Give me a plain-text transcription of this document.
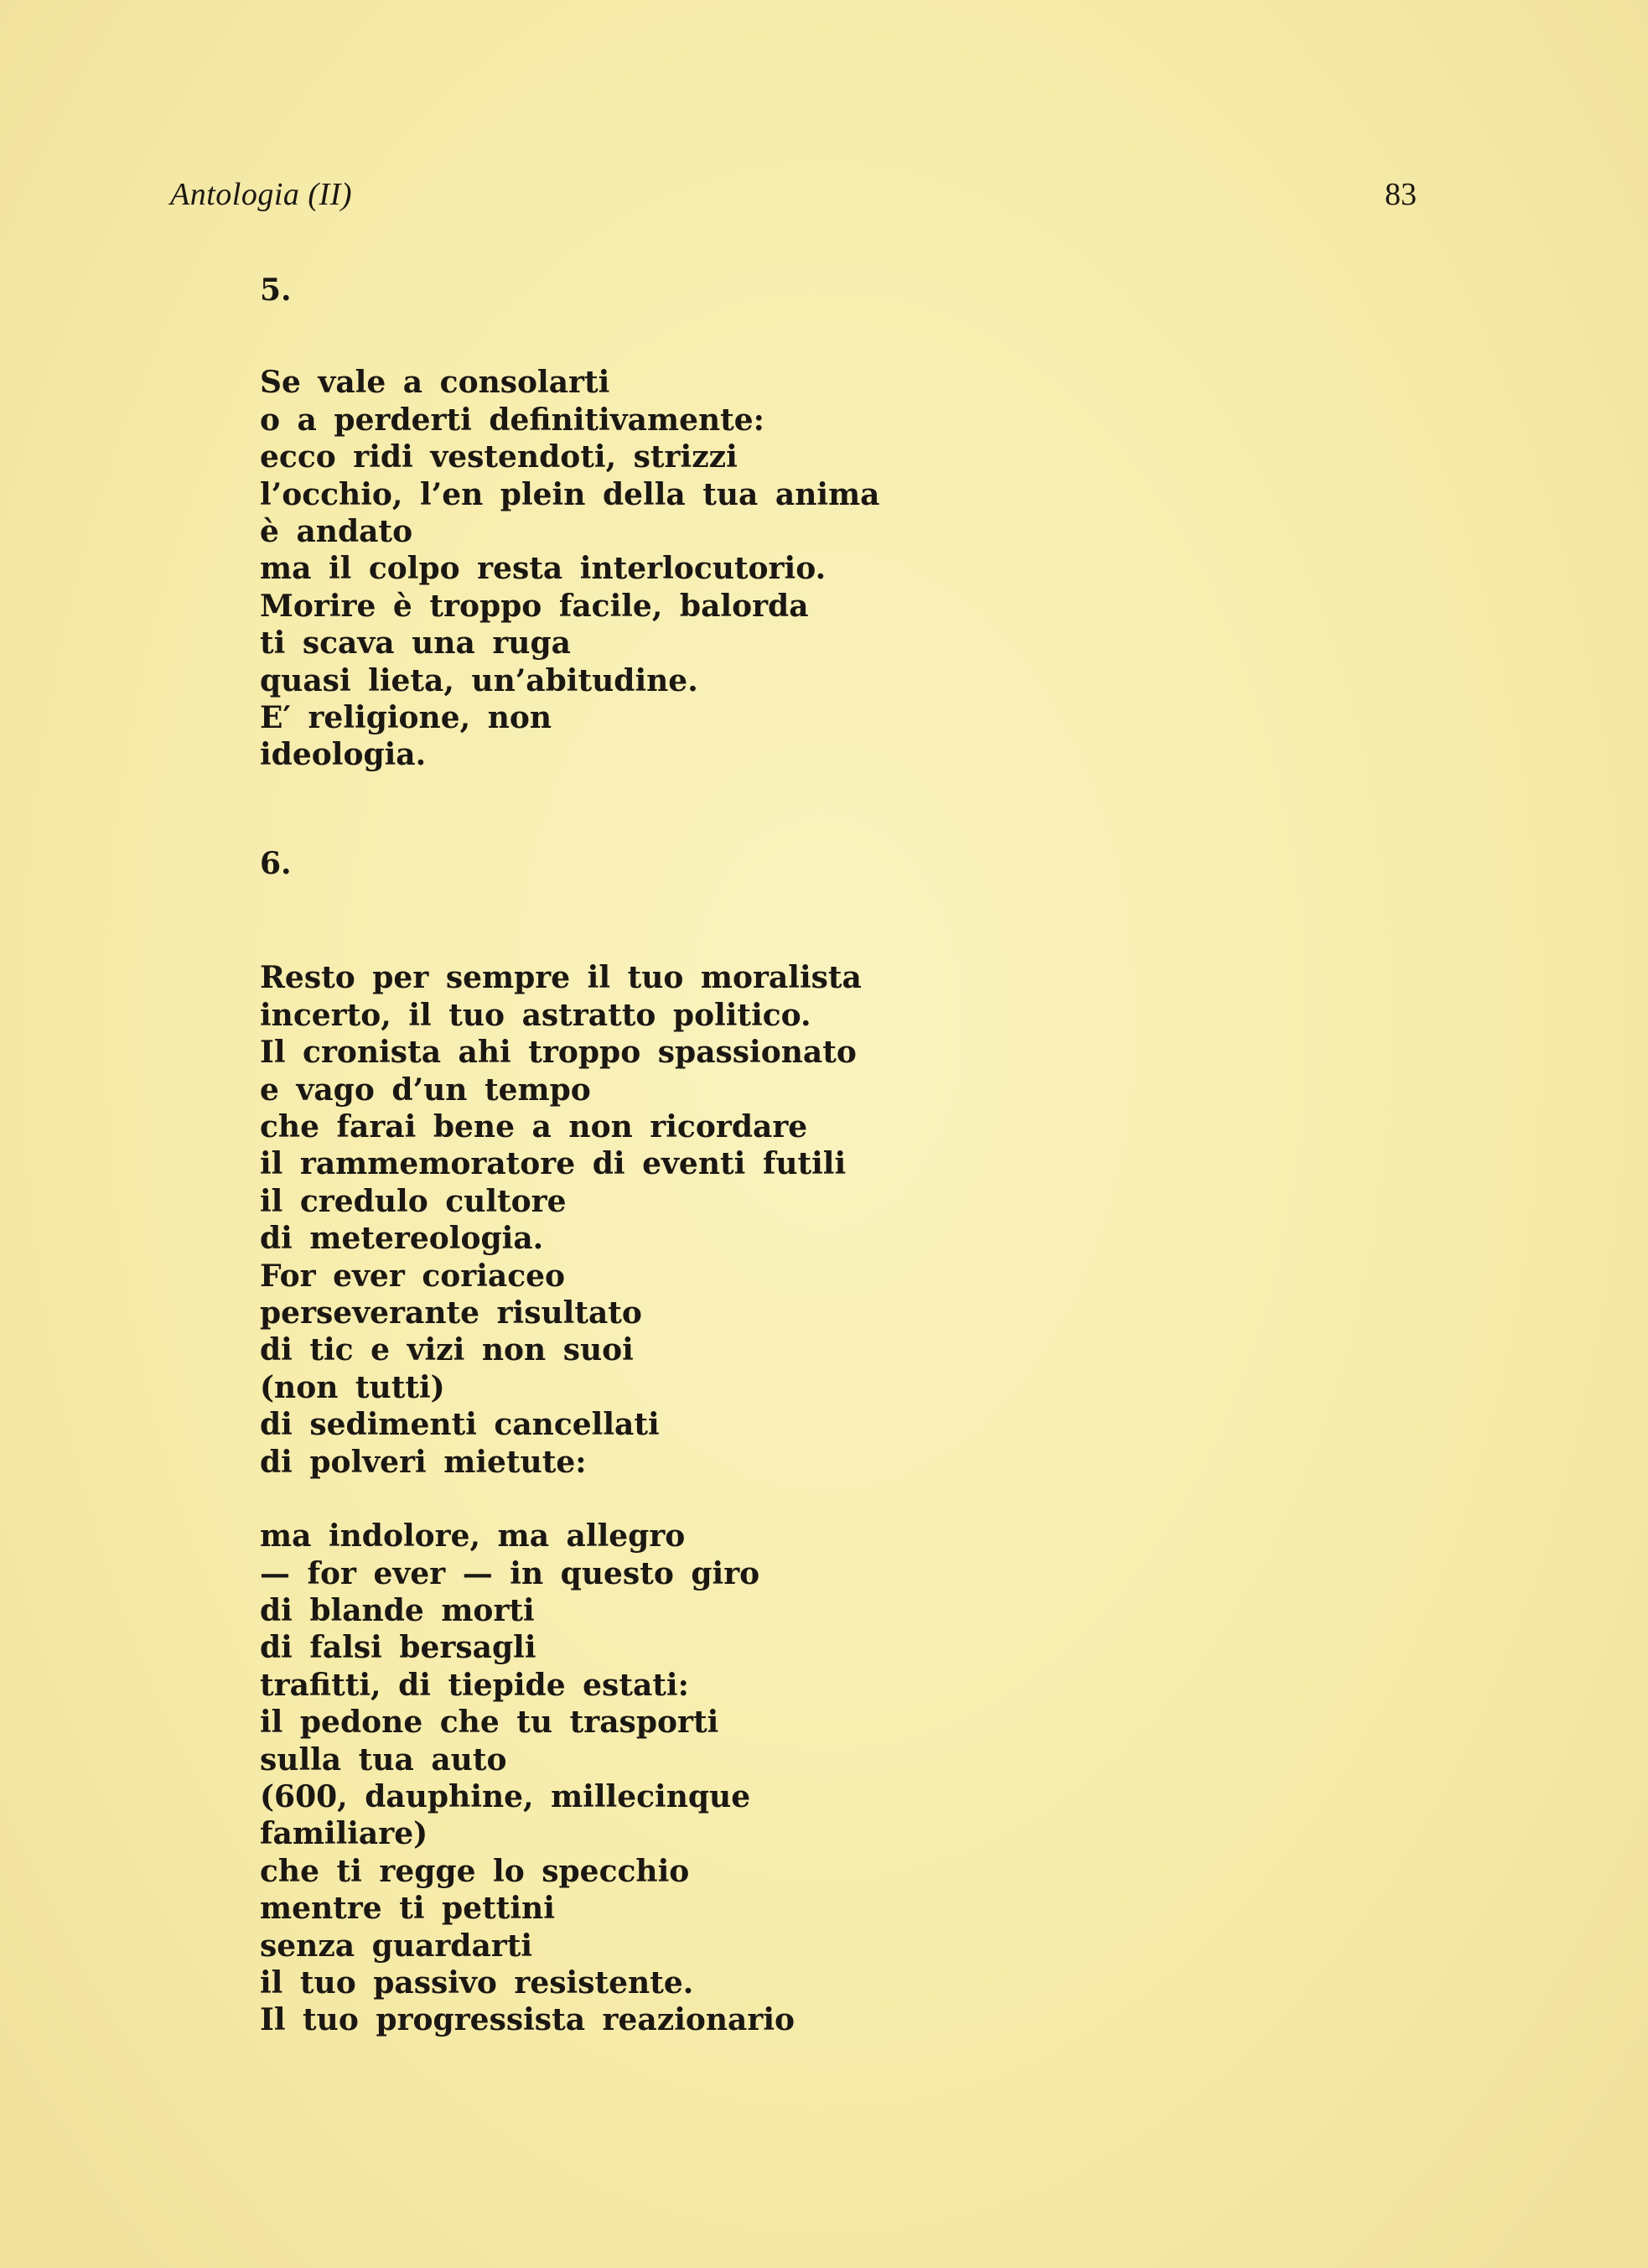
Antologia (II)	83

5.

Se vale a consolarti
o a perderti definitivamente:
ecco ridi vestendoti, strizzi
l’occhio, l’en plein della tua anima
è andato
ma il colpo resta interlocutorio.
Morire è troppo facile, balorda
ti scava una ruga
quasi lieta, un’abitudine.
E′ religione, non
ideologia.

6.

Resto per sempre il tuo moralista
incerto, il tuo astratto politico.
Il cronista ahi troppo spassionato
e vago d’un tempo
che farai bene a non ricordare
il rammemoratore di eventi futili
il credulo cultore
di metereologia.
For ever coriaceo
perseverante risultato
di tic e vizi non suoi
(non tutti)
di sedimenti cancellati
di polveri mietute:
ma indolore, ma allegro
— for ever — in questo giro
di blande morti
di falsi bersagli
trafitti, di tiepide estati:
il pedone che tu trasporti
sulla tua auto
(600, dauphine, millecinque
familiare)
che ti regge lo specchio
mentre ti pettini
senza guardarti
il tuo passivo resistente.
Il tuo progressista reazionario
